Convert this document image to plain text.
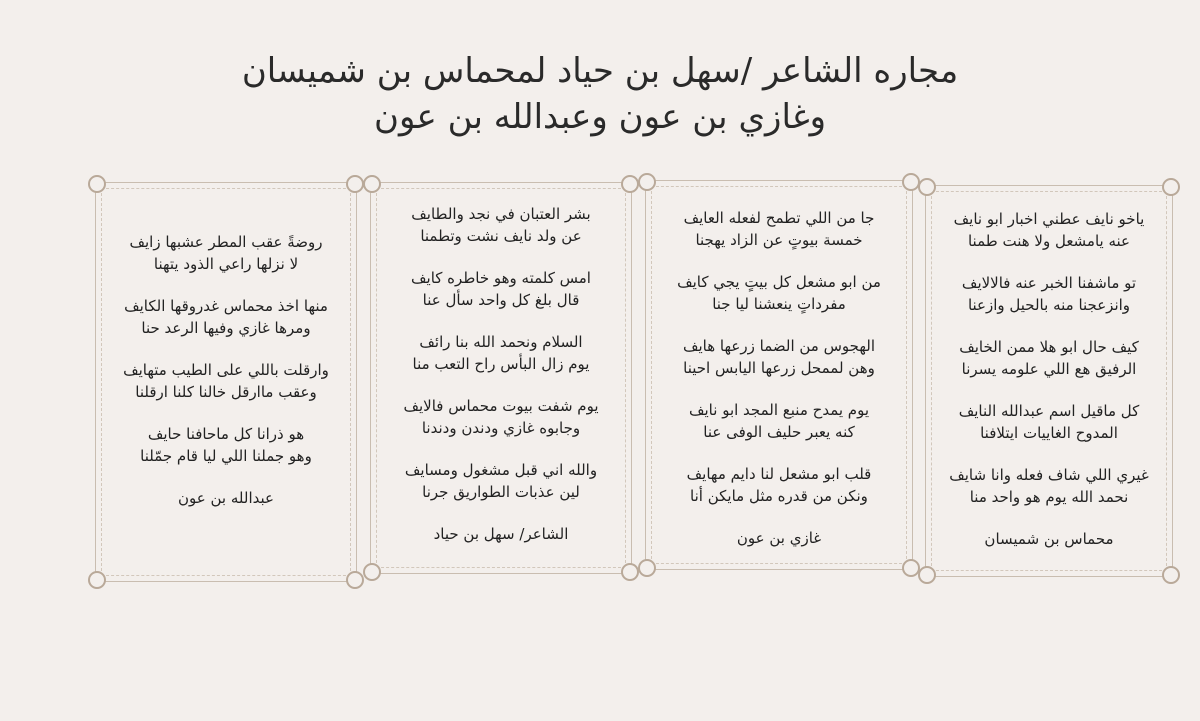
مجاره الشاعر /سهل بن حياد لمحماس بن شميسان
وغازي بن عون وعبدالله بن عون
ياخو نايف عطني اخبار ابو نايف
عنه يامشعل ولا هنت طمنا
تو ماشفنا الخبر عنه فالالايف
وانزعجنا منه بالحيل وازعنا
كيف حال ابو هلا ممن الخايف
الرفيق هع اللي علومه يسرنا
كل ماقيل اسم عبدالله النايف
المدوح الغاييات ايتلافنا
غيري اللي شاف فعله وانا شايف
نحمد الله يوم هو واحد منا
محماس بن شميسان
جا من اللي تطمح لفعله العايف
خمسة بيوتٍ عن الزاد يهجنا
من ابو مشعل كل بيتٍ يجي كايف
مفرداتٍ ينعشنا ليا جنا
الهجوس من الضما زرعها هايف
وهن لممحل زرعها اليابس احينا
يوم يمدح منبع المجد ابو نايف
كنه يعبر حليف الوفى عنا
قلب ابو مشعل لنا دايم مهايف
ونكن من قدره مثل مايكن أنا
غازي بن عون
بشر العتبان في نجد والطايف
عن ولد نايف نشت وتطمنا
امس كلمته وهو خاطره كايف
قال بلغ كل واحد سأل عنا
السلام ونحمد الله بنا رائف
يوم زال البأس راح التعب منا
يوم شفت بيوت محماس فالايف
وجابوه غازي ودندن ودندنا
والله اني قبل مشغول ومسايف
لين عذبات الطواريق جرنا
الشاعر/ سهل بن حياد
روضةً عقب المطر عشبها زايف
لا نزلها راعي الذود يتهنا
منها اخذ محماس غدروقها الكايف
ومرها غازي وفيها الرعد حنا
وارقلت باللي على الطيب متهايف
وعقب ماارقل خالنا كلنا ارقلنا
هو ذرانا كل ماحافنا حايف
وهو جملنا اللي ليا قام جمّلنا
عبدالله بن عون
